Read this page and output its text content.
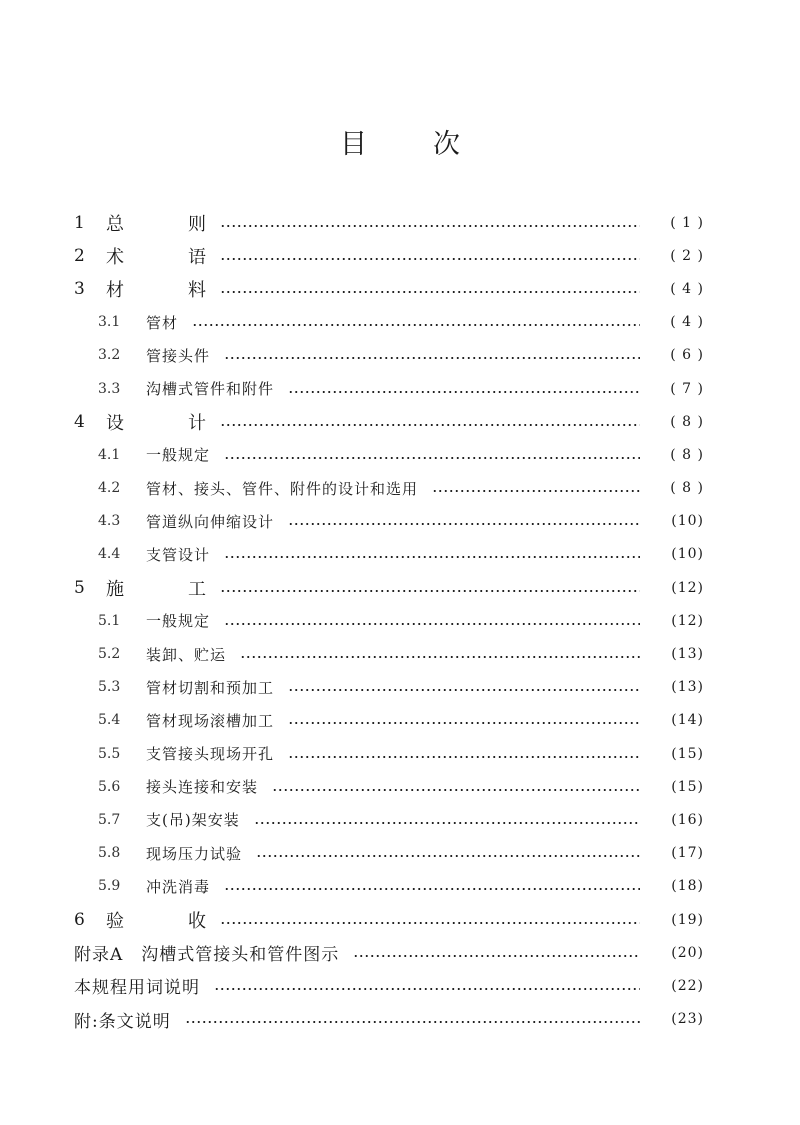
目 次
1	总则	( 1 )
2	术语	( 2 )
3	材料	( 4 )
3.1	管材	( 4 )
3.2	管接头件	( 6 )
3.3	沟槽式管件和附件	( 7 )
4	设计	( 8 )
4.1	一般规定	( 8 )
4.2	管材、接头、管件、附件的设计和选用	( 8 )
4.3	管道纵向伸缩设计	(10)
4.4	支管设计	(10)
5	施工	(12)
5.1	一般规定	(12)
5.2	装卸、贮运	(13)
5.3	管材切割和预加工	(13)
5.4	管材现场滚槽加工	(14)
5.5	支管接头现场开孔	(15)
5.6	接头连接和安装	(15)
5.7	支(吊)架安装	(16)
5.8	现场压力试验	(17)
5.9	冲洗消毒	(18)
6	验收	(19)
附录A　沟槽式管接头和管件图示	(20)
本规程用词说明	(22)
附:条文说明	(23)
